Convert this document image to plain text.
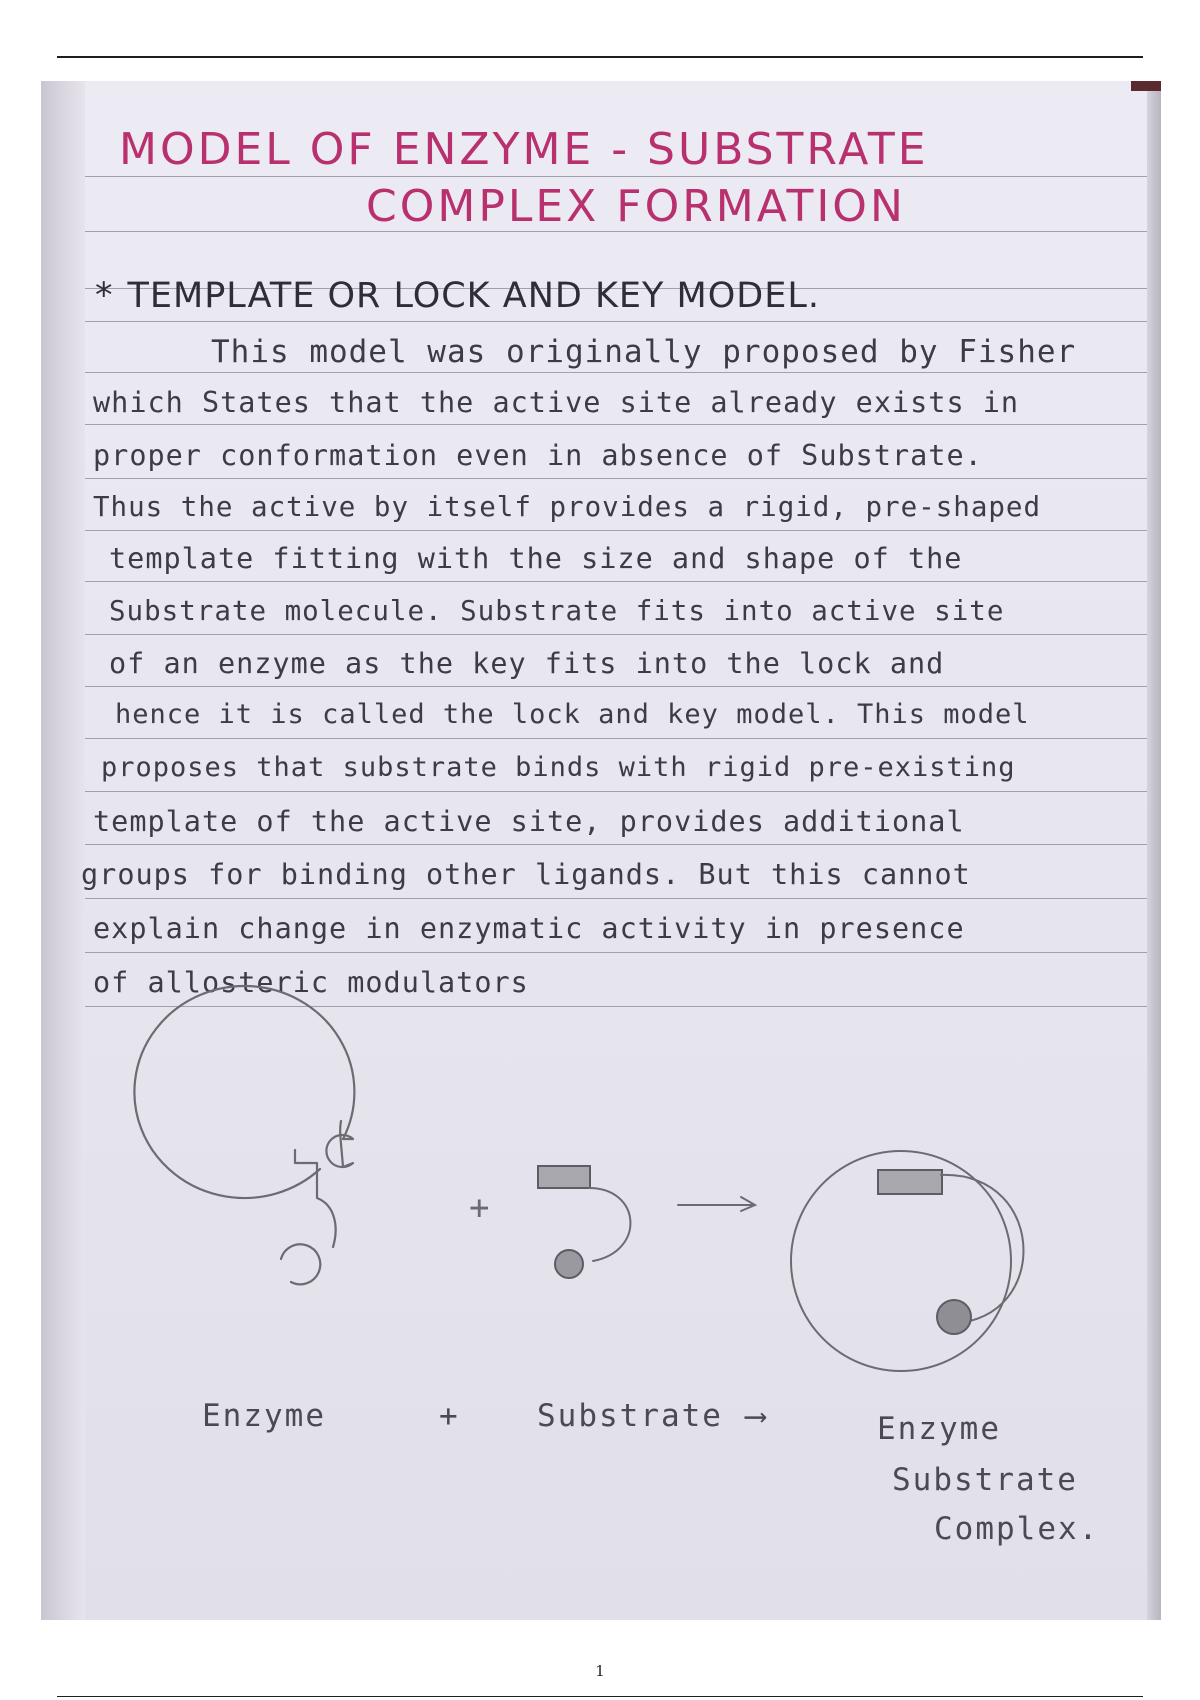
MODEL OF ENZYME - SUBSTRATE
COMPLEX FORMATION
* TEMPLATE OR LOCK AND KEY MODEL.
This model was originally proposed by Fisher
which States that the active site already exists in
proper conformation even in absence of Substrate.
Thus the active by itself provides a rigid, pre-shaped
template fitting with the size and shape of the
Substrate molecule. Substrate fits into active site
of an enzyme as the key fits into the lock and
hence it is called the lock and key model. This model
proposes that substrate binds with rigid pre-existing
template of the active site, provides additional
groups for binding other ligands. But this cannot
explain change in enzymatic activity in presence
of allosteric modulators
+
Enzyme	+ Substrate ⟶	Enzyme
Substrate
Complex.
1
